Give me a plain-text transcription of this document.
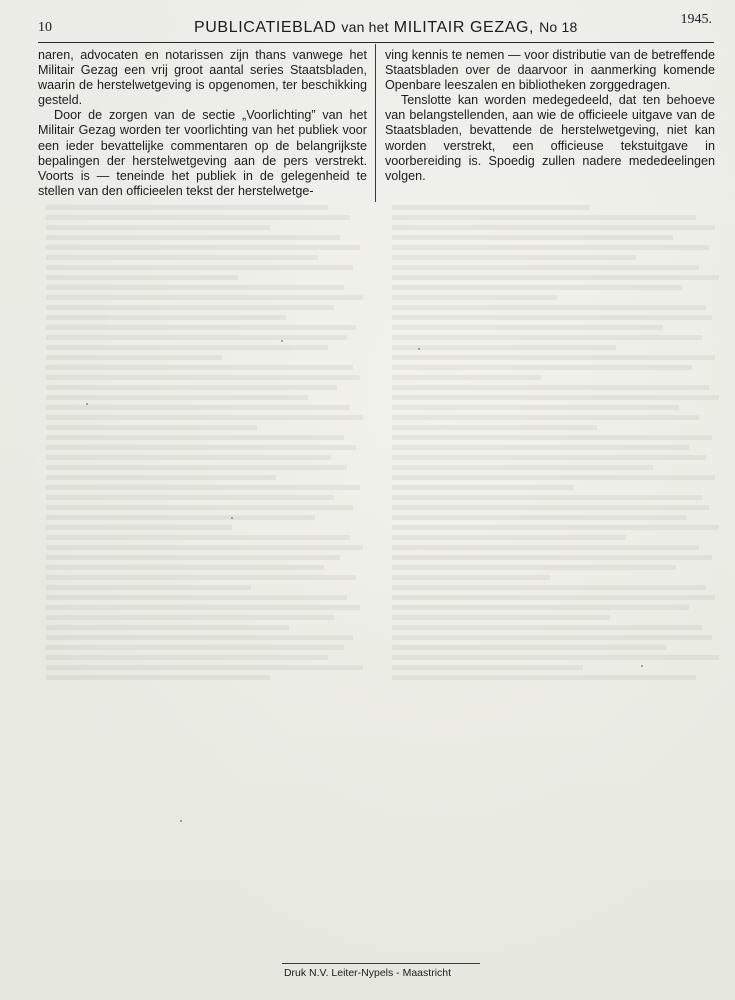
10	PUBLICATIEBLAD van het MILITAIR GEZAG, No 18	1945.

naren, advocaten en notarissen zijn thans vanwege het Militair Gezag een vrij groot aantal series Staatsbladen, waarin de herstelwetgeving is opgenomen, ter beschikking gesteld.

Door de zorgen van de sectie „Voorlichting” van het Militair Gezag worden ter voorlichting van het publiek voor een ieder bevattelijke commentaren op de belangrijkste bepalingen der herstelwetgeving aan de pers verstrekt. Voorts is — teneinde het publiek in de gelegenheid te stellen van den officieelen tekst der herstelwetge-

ving kennis te nemen — voor distributie van de betreffende Staatsbladen over de daarvoor in aanmerking komende Openbare leeszalen en bibliotheken zorggedragen.

Tenslotte kan worden medegedeeld, dat ten behoeve van belangstellenden, aan wie de officieele uitgave van de Staatsbladen, bevattende de herstelwetgeving, niet kan worden verstrekt, een officieuse tekstuitgave in voorbereiding is. Spoedig zullen nadere mededeelingen volgen.

Druk N.V. Leiter-Nypels - Maastricht
